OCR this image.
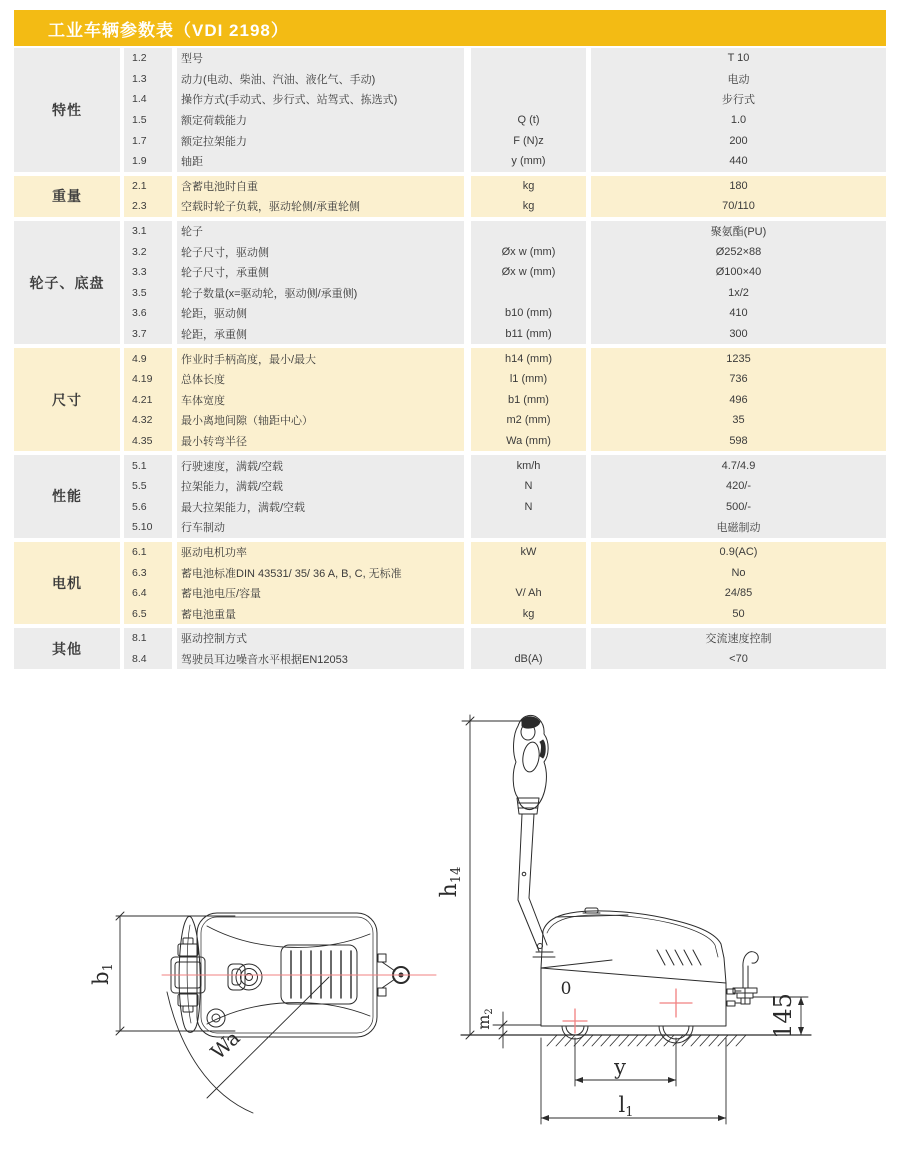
工业车辆参数表（VDI 2198）
特性
1.2
1.3
1.4
1.5
1.7
1.9
型号
动力(电动、柴油、汽油、液化气、手动)
操作方式(手动式、步行式、站驾式、拣选式)
额定荷载能力
额定拉架能力
轴距
Q (t)
F (N)z
y (mm)
T 10
电动
步行式
1.0
200
440
重量
2.1
2.3
含蓄电池时自重
空载时轮子负载，驱动轮侧/承重轮侧
kg
kg
180
70/110
轮子、底盘
3.1
3.2
3.3
3.5
3.6
3.7
轮子
轮子尺寸，驱动侧
轮子尺寸，承重侧
轮子数量(x=驱动轮，驱动侧/承重侧)
轮距，驱动侧
轮距，承重侧
Øx w (mm)
Øx w (mm)
b10 (mm)
b11 (mm)
聚氨酯(PU)
Ø252×88
Ø100×40
1x/2
410
300
尺寸
4.9
4.19
4.21
4.32
4.35
作业时手柄高度，最小/最大
总体长度
车体宽度
最小离地间隙（轴距中心）
最小转弯半径
h14 (mm)
l1 (mm)
b1 (mm)
m2 (mm)
Wa (mm)
1235
736
496
35
598
性能
5.1
5.5
5.6
5.10
行驶速度，满载/空载
拉架能力，满载/空载
最大拉架能力，满载/空载
行车制动
km/h
N
N
4.7/4.9
420/-
500/-
电磁制动
电机
6.1
6.3
6.4
6.5
驱动电机功率
蓄电池标准DIN 43531/ 35/ 36 A, B, C, 无标准
蓄电池电压/容量
蓄电池重量
kW
V/ Ah
kg
0.9(AC)
No
24/85
50
其他
8.1
8.4
驱动控制方式
驾驶员耳边噪音水平根据EN12053	dB(A)
交流速度控制
<70
h14
0
m2
y
l1
145
b1
Wa
